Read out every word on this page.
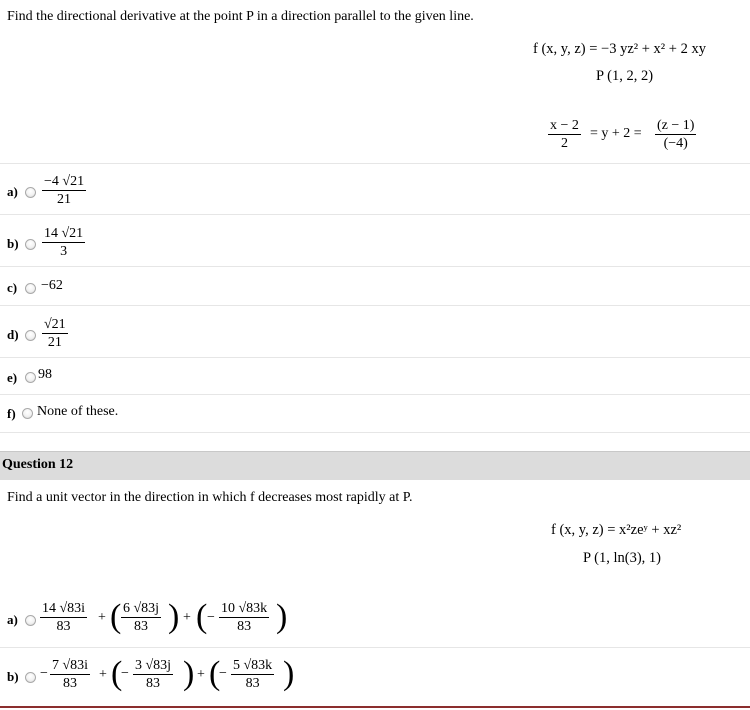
Find the directional derivative at the point P in a direction parallel to the given line.
f (x, y, z) = −3 yz² + x² + 2 xy
P (1, 2, 2)
$\frac{x - 2}{2} = y + 2 = \frac{(z - 1)}{(-4)}$
$a) \frac{-4 √21}{21}$
$b) \frac{14 √21}{3}$
c) −62
$d) \frac{√21}{21}$
e) 98
f) None of these.
Question 12
Find a unit vector in the direction in which f decreases most rapidly at P.
f (x, y, z) = x²zeʸ + xz²
P (1, ln(3), 1)
$a) \frac{14 √83i}{83}$ + ( $\frac{6 √83j}{83}$ ) + ( − $\frac{10 √83k}{83}$ )
$b) - \frac{7 √83i}{83}$ + (
− $\frac{3 √83j}{83}$ ) + (
− $\frac{5 √83k}{83}$ )
